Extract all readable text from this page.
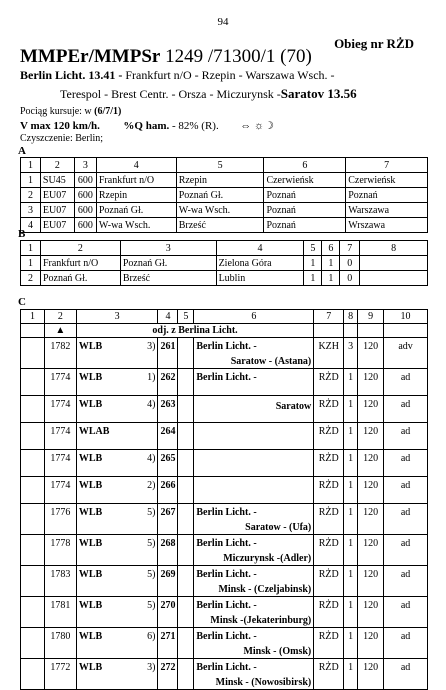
94
Obieg nr RŻD
MMPEr/MMPSr 1249 /71300/1 (70)
Berlin Licht. 13.41 - Frankfurt n/O - Rzepin - Warszawa Wsch. -
Terespol - Brest Centr. - Orsza - Miczurynsk -Saratov 13.56
Pociąg kursuje: w (6/7/1)
V max 120 km/h. %Q ham. - 82% (R). ⇔ ☼☽
Czyszczenie: Berlin;
A
1	2	3	4	5	6	7
1	SU45	600	Frankfurt n/O	Rzepin	Czerwieńsk	Czerwieńsk
2	EU07	600	Rzepin	Poznań Gł.	Poznań	Poznań
3	EU07	600	Poznań Gł.	W-wa Wsch.	Poznań	Warszawa
4	EU07	600	W-wa Wsch.	Brześć	Poznań	Wrszawa
B
1	2	3	4	5	6	7	8
1	Frankfurt n/O	Poznań Gł.	Zielona Góra	1	1	0	
2	Poznań Gł.	Brześć	Lublin	1	1	0	
C
1	2	3	4	5	6	7	8	9	10
	▲	odj. z Berlina Licht.							
	1782	WLB 3)	261		Berlin Licht. -
Saratow - (Astana)	KZH	3	120	adv
	1774	WLB 1)	262		Berlin Licht. -	RŻD	1	120	ad
	1774	WLB 4)	263		Saratow	RŻD	1	120	ad
	1774	WLAB	264			RŻD	1	120	ad
	1774	WLB 4)	265			RŻD	1	120	ad
	1774	WLB 2)	266			RŻD	1	120	ad
	1776	WLB 5)	267		Berlin Licht. -
Saratow - (Ufa)	RŻD	1	120	ad
	1778	WLB 5)	268		Berlin Licht. -
Miczurynsk -(Adler)	RŻD	1	120	ad
	1783	WLB 5)	269		Berlin Licht. -
Minsk - (Czeljabinsk)	RŻD	1	120	ad
	1781	WLB 5)	270		Berlin Licht. -
Minsk -(Jekaterinburg)	RŻD	1	120	ad
	1780	WLB 6)	271		Berlin Licht. -
Minsk - (Omsk)	RŻD	1	120	ad
	1772	WLB 3)	272		Berlin Licht. -
Minsk - (Nowosibirsk)	RŻD	1	120	ad
